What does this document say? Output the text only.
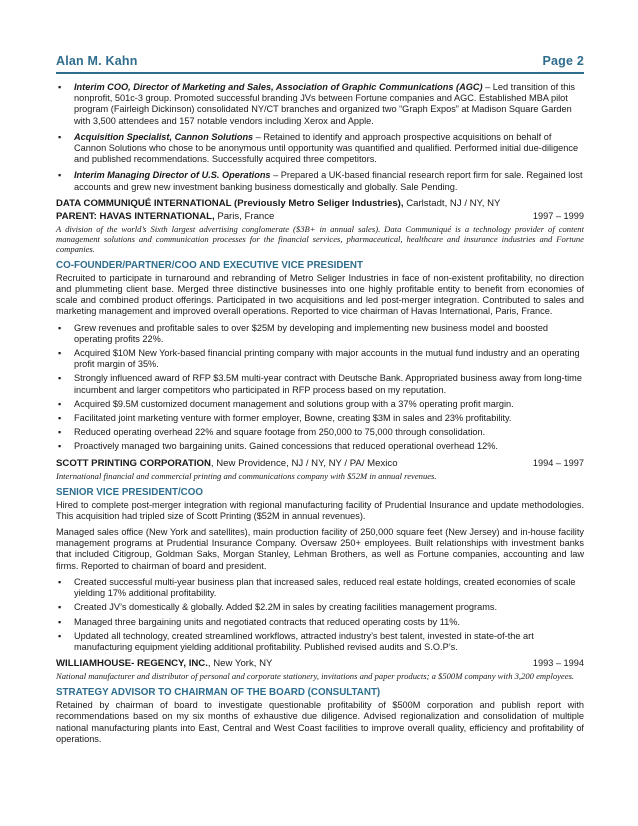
Alan M. Kahn	Page 2
▪ Interim COO, Director of Marketing and Sales, Association of Graphic Communications (AGC) – Led transition of this nonprofit, 501c-3 group. Promoted successful branding JVs between Fortune companies and AGC. Established MBA pilot program (Fairleigh Dickinson) consolidated NY/CT branches and organized two “Graph Expos” at Madison Square Garden with 3,500 attendees and 157 notable vendors including Xerox and Apple.
▪ Acquisition Specialist, Cannon Solutions – Retained to identify and approach prospective acquisitions on behalf of Cannon Solutions who chose to be anonymous until opportunity was quantified and qualified. Performed initial due-diligence and published recommendations. Successfully acquired three competitors.
▪ Interim Managing Director of U.S. Operations – Prepared a UK-based financial research report firm for sale. Regained lost accounts and grew new investment banking business domestically and globally. Sale Pending.
DATA COMMUNIQUÉ INTERNATIONAL (Previously Metro Seliger Industries), Carlstadt, NJ / NY, NY
PARENT: HAVAS INTERNATIONAL, Paris, France	1997 – 1999
A division of the world’s Sixth largest advertising conglomerate ($3B+ in annual sales). Data Communiqué is a technology provider of content management solutions and communication processes for the financial services, pharmaceutical, healthcare and insurance industries and Fortune companies.
CO-FOUNDER/PARTNER/COO AND EXECUTIVE VICE PRESIDENT

Recruited to participate in turnaround and rebranding of Metro Seliger Industries in face of non-existent profitability, no direction and plummeting client base. Merged three distinctive businesses into one highly profitable entity to benefit from economies of scale and combined product offerings. Participated in two acquisitions and led post-merger integration. Contributed to sales and marketing management and improved overall operations. Reported to vice chairman of Havas International, Paris, France.

▪ Grew revenues and profitable sales to over $25M by developing and implementing new business model and boosted operating profits 22%.
▪ Acquired $10M New York-based financial printing company with major accounts in the mutual fund industry and an operating profit margin of 35%.
▪ Strongly influenced award of RFP $3.5M multi-year contract with Deutsche Bank. Appropriated business away from long-time incumbent and larger competitors who participated in RFP process based on my reputation.
▪ Acquired $9.5M customized document management and solutions group with a 37% operating profit margin.
▪ Facilitated joint marketing venture with former employer, Bowne, creating $3M in sales and 23% profitability.
▪ Reduced operating overhead 22% and square footage from 250,000 to 75,000 through consolidation.
▪ Proactively managed two bargaining units. Gained concessions that reduced operational overhead 12%.
SCOTT PRINTING CORPORATION, New Providence, NJ / NY, NY / PA/ Mexico	1994 – 1997
International financial and commercial printing and communications company with $52M in annual revenues.
SENIOR VICE PRESIDENT/COO

Hired to complete post-merger integration with regional manufacturing facility of Prudential Insurance and update methodologies. This acquisition had tripled size of Scott Printing ($52M in annual revenues).

Managed sales office (New York and satellites), main production facility of 250,000 square feet (New Jersey) and in-house facility management programs at Prudential Insurance Company. Oversaw 250+ employees. Built relationships with investment banks that included Citigroup, Goldman Saks, Morgan Stanley, Lehman Brothers, as well as Fortune companies, accounting and law firms. Reported to chairman of board and president.

▪ Created successful multi-year business plan that increased sales, reduced real estate holdings, created economies of scale yielding 17% additional profitability.
▪ Created JV’s domestically & globally. Added $2.2M in sales by creating facilities management programs.
▪ Managed three bargaining units and negotiated contracts that reduced operating costs by 11%.
▪ Updated all technology, created streamlined workflows, attracted industry’s best talent, invested in state-of-the art manufacturing equipment yielding additional profitability. Published revised audits and S.O.P’s.
WILLIAMHOUSE- REGENCY, INC., New York, NY	1993 – 1994
National manufacturer and distributor of personal and corporate stationery, invitations and paper products; a $500M company with 3,200 employees.
STRATEGY ADVISOR TO CHAIRMAN OF THE BOARD (CONSULTANT)

Retained by chairman of board to investigate questionable profitability of $500M corporation and publish report with recommendations based on my six months of exhaustive due diligence. Advised regionalization and consolidation of multiple national manufacturing plants into East, Central and West Coast facilities to improve overall quality, efficiency and profitability of operations.
